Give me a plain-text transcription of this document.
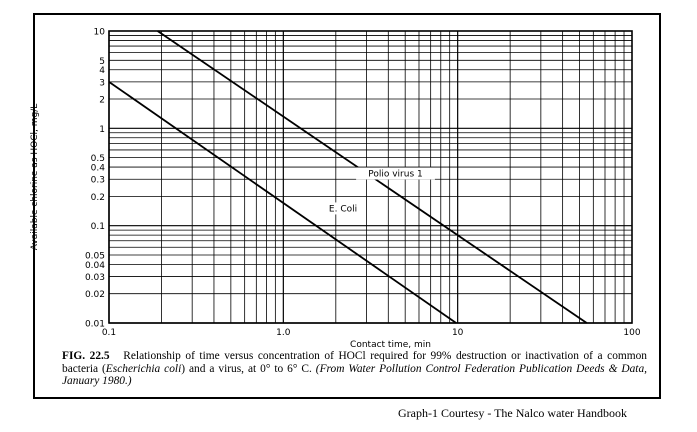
0.1	1.0	10	100
10
5
4
3
2
1
0.5
0.4
0.3
0.2
0.1
0.05
0.04
0.03
0.02
0.01
Contact time, min
Available chlorine as HOCl, mg/L	Polio virus 1
E. Coli
FIG. 22.5 Relationship of time versus concentration of HOCl required for 99% destruction or inactivation of a common bacteria (Escherichia coli) and a virus, at 0° to 6° C. (From Water Pollution Control Federation Publication Deeds & Data, January 1980.)
Graph-1 Courtesy - The Nalco water Handbook
